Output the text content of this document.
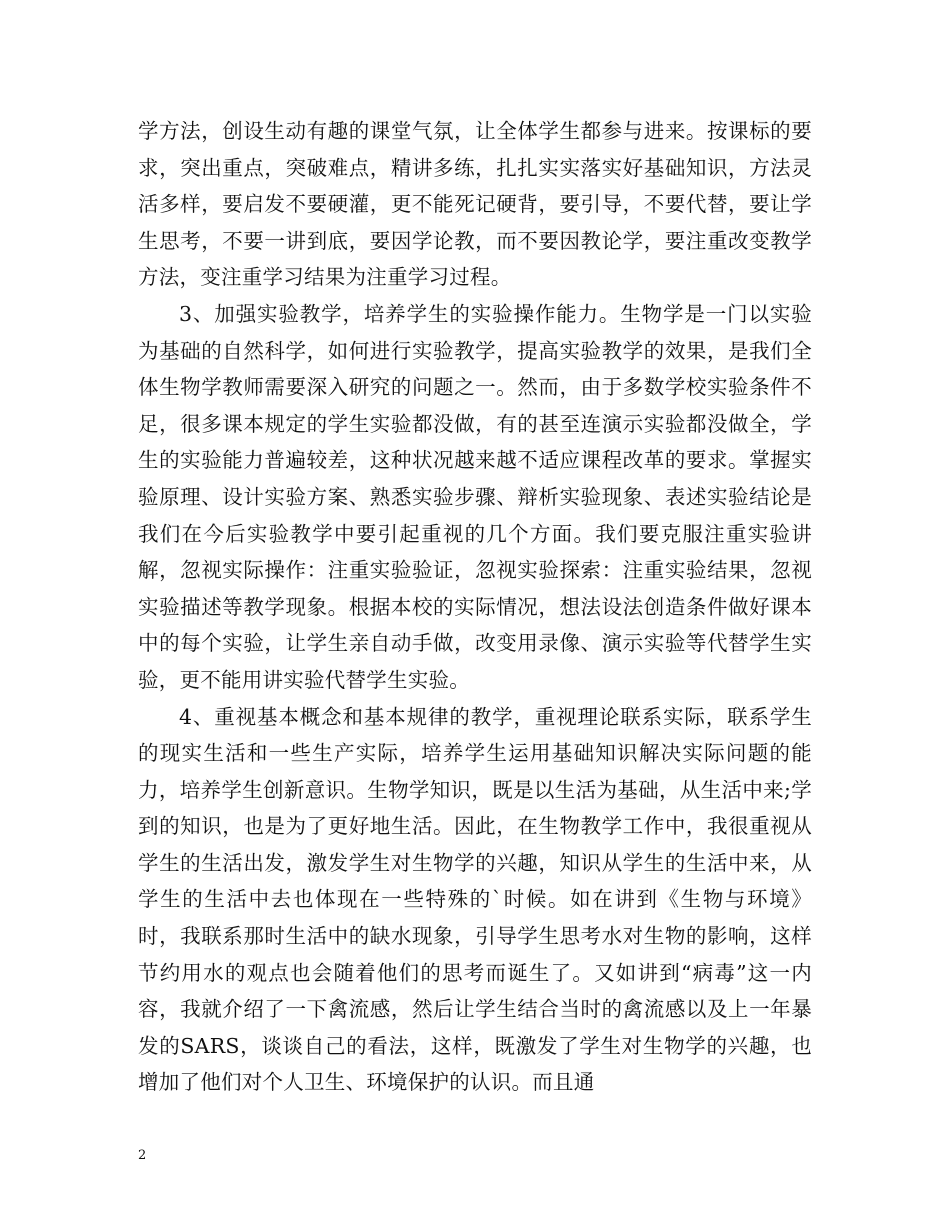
学方法，创设生动有趣的课堂气氛，让全体学生都参与进来。按课标的要求，突出重点，突破难点，精讲多练，扎扎实实落实好基础知识，方法灵活多样，要启发不要硬灌，更不能死记硬背，要引导，不要代替，要让学生思考，不要一讲到底，要因学论教，而不要因教论学，要注重改变教学方法，变注重学习结果为注重学习过程。

3、加强实验教学，培养学生的实验操作能力。生物学是一门以实验为基础的自然科学，如何进行实验教学，提高实验教学的效果，是我们全体生物学教师需要深入研究的问题之一。然而，由于多数学校实验条件不足，很多课本规定的学生实验都没做，有的甚至连演示实验都没做全，学生的实验能力普遍较差，这种状况越来越不适应课程改革的要求。掌握实验原理、设计实验方案、熟悉实验步骤、辩析实验现象、表述实验结论是我们在今后实验教学中要引起重视的几个方面。我们要克服注重实验讲解，忽视实际操作：注重实验验证，忽视实验探索：注重实验结果，忽视实验描述等教学现象。根据本校的实际情况，想法设法创造条件做好课本中的每个实验，让学生亲自动手做，改变用录像、演示实验等代替学生实验，更不能用讲实验代替学生实验。

4、重视基本概念和基本规律的教学，重视理论联系实际，联系学生的现实生活和一些生产实际，培养学生运用基础知识解决实际问题的能力，培养学生创新意识。生物学知识，既是以生活为基础，从生活中来;学到的知识，也是为了更好地生活。因此，在生物教学工作中，我很重视从学生的生活出发，激发学生对生物学的兴趣，知识从学生的生活中来，从学生的生活中去也体现在一些特殊的`时候。如在讲到《生物与环境》时，我联系那时生活中的缺水现象，引导学生思考水对生物的影响，这样节约用水的观点也会随着他们的思考而诞生了。又如讲到“病毒”这一内容，我就介绍了一下禽流感，然后让学生结合当时的禽流感以及上一年暴发的SARS，谈谈自己的看法，这样，既激发了学生对生物学的兴趣，也增加了他们对个人卫生、环境保护的认识。而且通

2
